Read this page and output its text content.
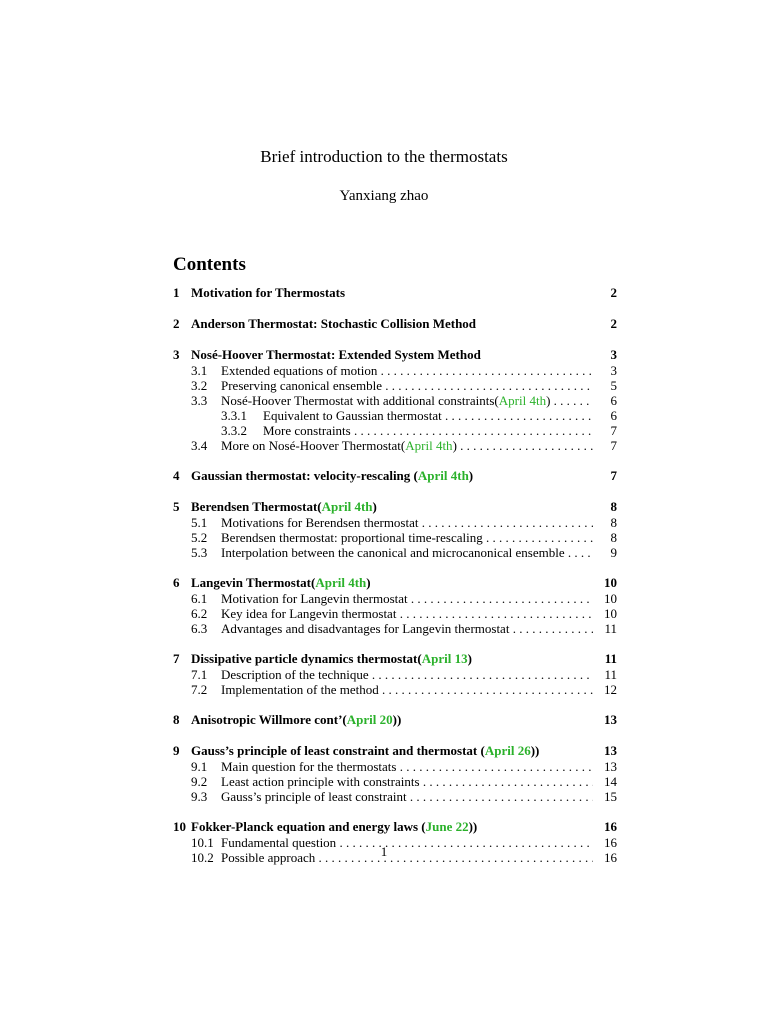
Brief introduction to the thermostats
Yanxiang zhao
Contents
1 Motivation for Thermostats	2
2 Anderson Thermostat: Stochastic Collision Method	2
3 Nosé-Hoover Thermostat: Extended System Method	3
3.1 Extended equations of motion . . .	3
3.2 Preserving canonical ensemble . . .	5
3.3 Nosé-Hoover Thermostat with additional constraints(April 4th) . . .	6
3.3.1 Equivalent to Gaussian thermostat . . .	6
3.3.2 More constraints . . .	7
3.4 More on Nosé-Hoover Thermostat(April 4th) . . .	7
4 Gaussian thermostat: velocity-rescaling (April 4th)	7
5 Berendsen Thermostat(April 4th)	8
5.1 Motivations for Berendsen thermostat . . .	8
5.2 Berendsen thermostat: proportional time-rescaling . . .	8
5.3 Interpolation between the canonical and microcanonical ensemble . . .	9
6 Langevin Thermostat(April 4th)	10
6.1 Motivation for Langevin thermostat . . .	10
6.2 Key idea for Langevin thermostat . . .	10
6.3 Advantages and disadvantages for Langevin thermostat . . .	11
7 Dissipative particle dynamics thermostat(April 13)	11
7.1 Description of the technique . . .	11
7.2 Implementation of the method . . .	12
8 Anisotropic Willmore cont’(April 20))	13
9 Gauss’s principle of least constraint and thermostat (April 26))	13
9.1 Main question for the thermostats . . .	13
9.2 Least action principle with constraints . . .	14
9.3 Gauss’s principle of least constraint . . .	15
10 Fokker-Planck equation and energy laws (June 22))	16
10.1 Fundamental question . . .	16
10.2 Possible approach . . .	16
1
